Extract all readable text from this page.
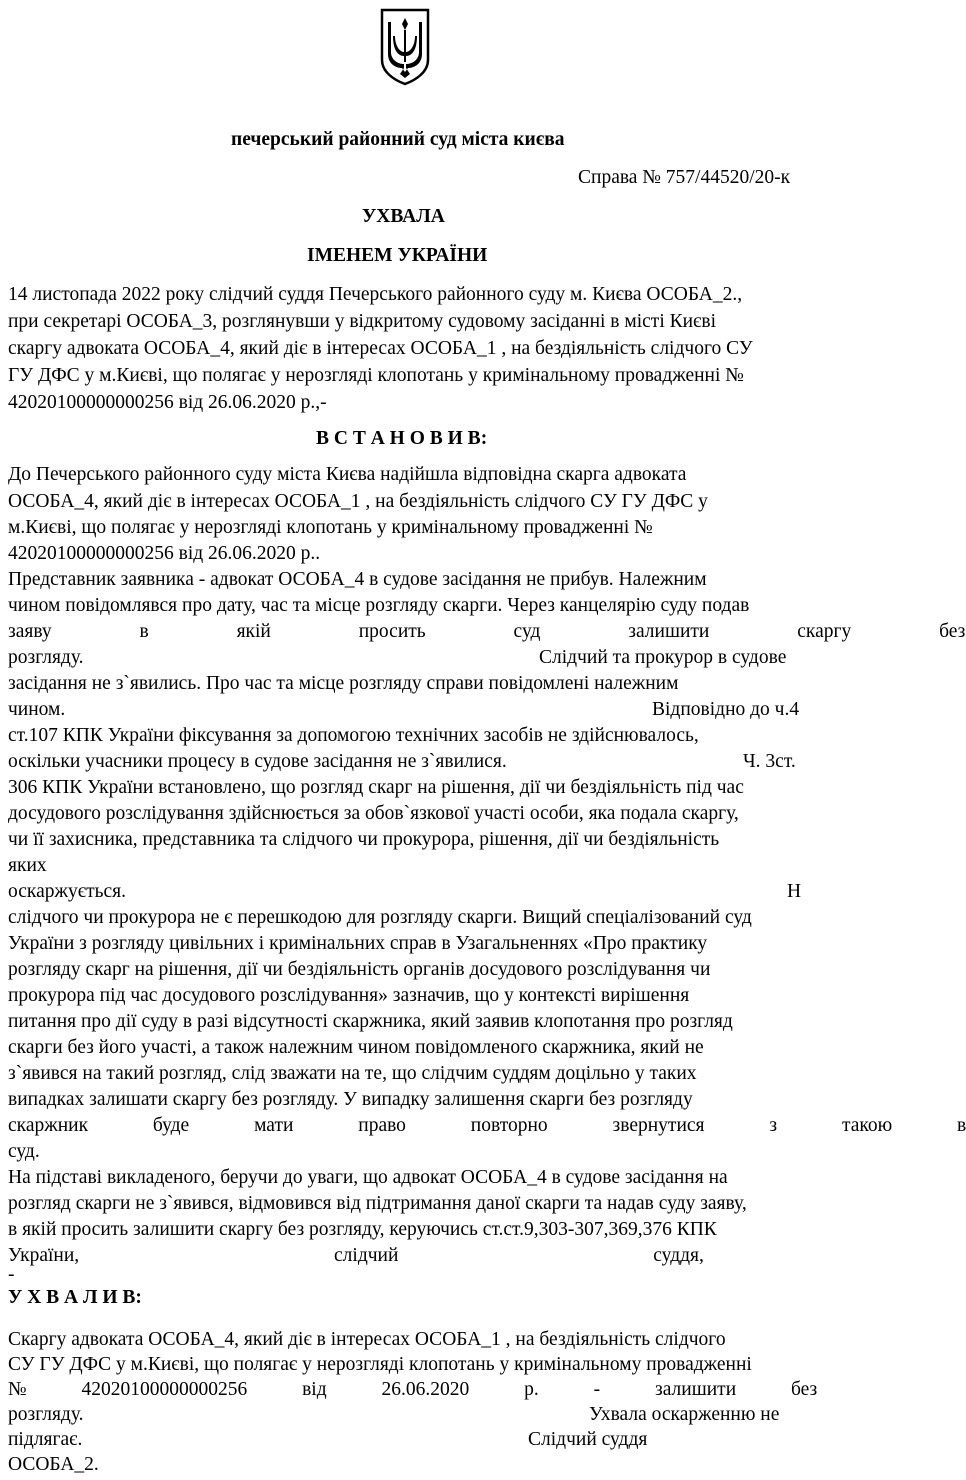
печерський районний суд міста києва
Справа № 757/44520/20-к
УХВАЛА
ІМЕНЕМ УКРАЇНИ
14 листопада 2022 року слідчий суддя Печерського районного суду м. Києва ОСОБА_2.,
при секретарі ОСОБА_3, розглянувши у відкритому судовому засіданні в місті Києві
скаргу адвоката ОСОБА_4, який діє в інтересах ОСОБА_1 , на бездіяльність слідчого СУ
ГУ ДФС у м.Києві, що полягає у нерозгляді клопотань у кримінальному провадженні №
42020100000000256 від 26.06.2020 р.,-
В С Т А Н О В И В:
До Печерського районного суду міста Києва надійшла відповідна скарга адвоката
ОСОБА_4, який діє в інтересах ОСОБА_1 , на бездіяльність слідчого СУ ГУ ДФС у
м.Києві, що полягає у нерозгляді клопотань у кримінальному провадженні №
42020100000000256 від 26.06.2020 р..
Представник заявника - адвокат ОСОБА_4 в судове засідання не прибув. Належним
чином повідомлявся про дату, час та місце розгляду скарги. Через канцелярію суду подав
заяву в якій просить суд залишити скаргу без
розгляду.	Слідчий та прокурор в судове
засідання не з`явились. Про час та місце розгляду справи повідомлені належним
чином.	Відповідно до ч.4
ст.107 КПК України фіксування за допомогою технічних засобів не здійснювалось,
оскільки учасники процесу в судове засідання не з`явилися.	Ч. 3ст.
306 КПК України встановлено, що розгляд скарг на рішення, дії чи бездіяльність під час
досудового розслідування здійснюється за обов`язкової участі особи, яка подала скаргу,
чи її захисника, представника та слідчого чи прокурора, рішення, дії чи бездіяльність
яких
оскаржується.	Н
слідчого чи прокурора не є перешкодою для розгляду скарги. Вищий спеціалізований суд
України з розгляду цивільних і кримінальних справ в Узагальненнях «Про практику
розгляду скарг на рішення, дії чи бездіяльність органів досудового розслідування чи
прокурора під час досудового розслідування» зазначив, що у контексті вирішення
питання про дії суду в разі відсутності скаржника, який заявив клопотання про розгляд
скарги без його участі, а також належним чином повідомленого скаржника, який не
з`явився на такий розгляд, слід зважати на те, що слідчим суддям доцільно у таких
випадках залишати скаргу без розгляду. У випадку залишення скарги без розгляду
скаржник буде мати право повторно звернутися з такою в
суд.
На підставі викладеного, беручи до уваги, що адвокат ОСОБА_4 в судове засідання на
розгляд скарги не з`явився, відмовився від підтримання даної скарги та надав суду заяву,
в якій просить залишити скаргу без розгляду, керуючись ст.ст.9,303-307,369,376 КПК
України, слідчий суддя,
-
У Х В А Л И В:
Скаргу адвоката ОСОБА_4, який діє в інтересах ОСОБА_1 , на бездіяльність слідчого
СУ ГУ ДФС у м.Києві, що полягає у нерозгляді клопотань у кримінальному провадженні
№ 42020100000000256 від 26.06.2020 р. - залишити без
розгляду.	Ухвала оскарженню не
підлягає.	Слідчий суддя
ОСОБА_2.
